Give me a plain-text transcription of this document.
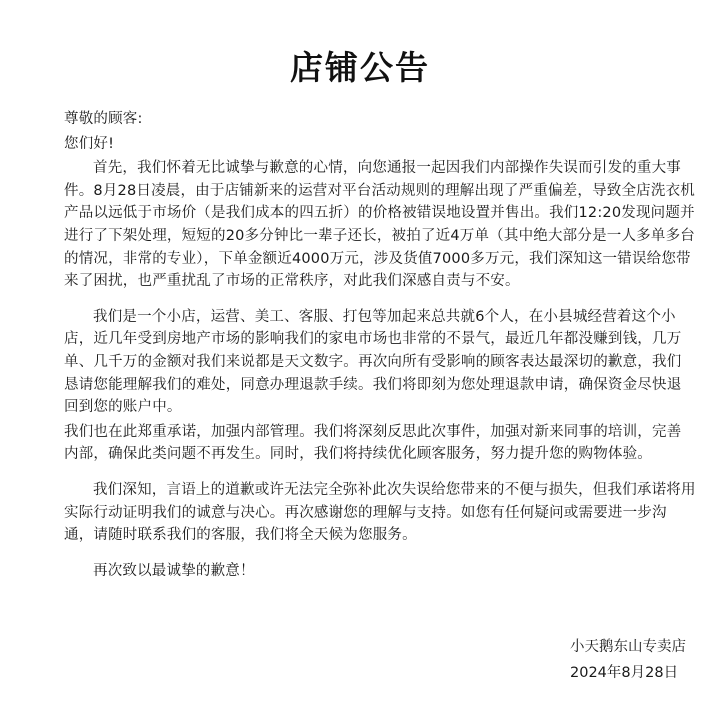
店铺公告

尊敬的顾客:

您们好!

首先，我们怀着无比诚挚与歉意的心情，向您通报一起因我们内部操作失误而引发的重大事件。8月28日凌晨，由于店铺新来的运营对平台活动规则的理解出现了严重偏差，导致全店洗衣机产品以远低于市场价（是我们成本的四五折）的价格被错误地设置并售出。我们12:20发现问题并进行了下架处理，短短的20多分钟比一辈子还长，被拍了近4万单（其中绝大部分是一人多单多台的情况，非常的专业），下单金额近4000万元，涉及货值7000多万元，我们深知这一错误给您带来了困扰，也严重扰乱了市场的正常秩序，对此我们深感自责与不安。

我们是一个小店，运营、美工、客服、打包等加起来总共就6个人，在小县城经营着这个小店，近几年受到房地产市场的影响我们的家电市场也非常的不景气，最近几年都没赚到钱，几万单、几千万的金额对我们来说都是天文数字。再次向所有受影响的顾客表达最深切的歉意，我们恳请您能理解我们的难处，同意办理退款手续。我们将即刻为您处理退款申请，确保资金尽快退回到您的账户中。

我们也在此郑重承诺，加强内部管理。我们将深刻反思此次事件，加强对新来同事的培训，完善内部，确保此类问题不再发生。同时，我们将持续优化顾客服务，努力提升您的购物体验。

我们深知，言语上的道歉或许无法完全弥补此次失误给您带来的不便与损失，但我们承诺将用实际行动证明我们的诚意与决心。再次感谢您的理解与支持。如您有任何疑问或需要进一步沟通，请随时联系我们的客服，我们将全天候为您服务。

再次致以最诚挚的歉意！

小天鹅东山专卖店
2024年8月28日
